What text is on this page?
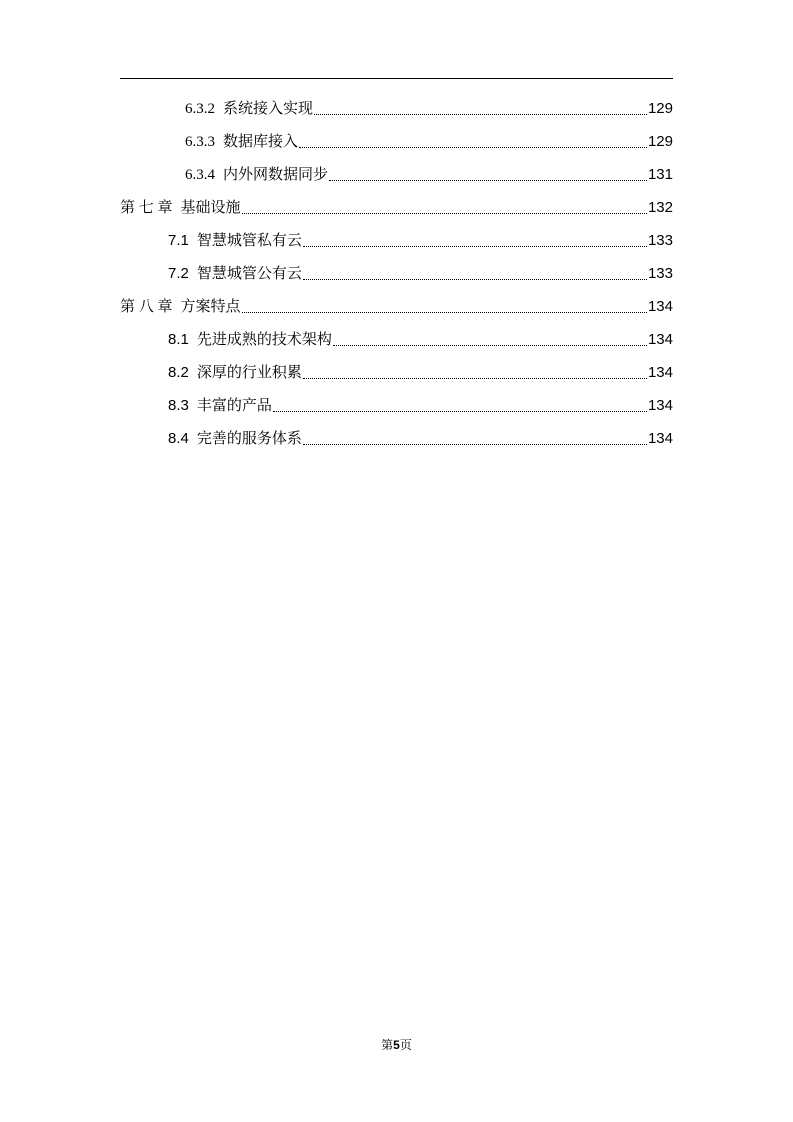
6.3.2 系统接入实现	129
6.3.3 数据库接入	129
6.3.4 内外网数据同步	131
第 七 章 基础设施	132
7.1 智慧城管私有云	133
7.2 智慧城管公有云	133
第 八 章 方案特点	134
8.1 先进成熟的技术架构	134
8.2 深厚的行业积累	134
8.3 丰富的产品	134
8.4 完善的服务体系	134
第5页
